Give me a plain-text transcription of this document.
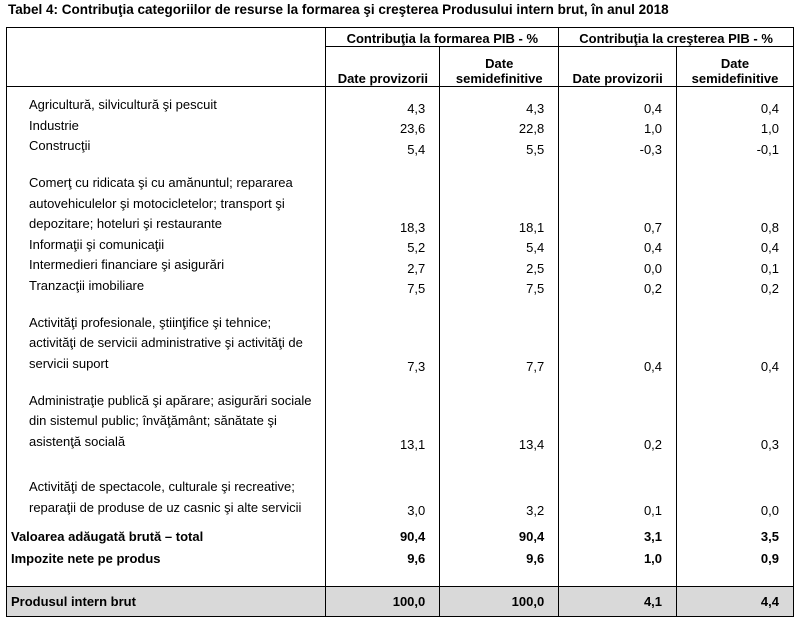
Tabel 4: Contribuţia categoriilor de resurse la formarea şi creşterea Produsului intern brut, în anul 2018
	Contribuţia la formarea PIB - %		Contribuţia la creşterea PIB - %	
	Date provizorii	Date semidefinitive	Date provizorii	Date semidefinitive
Agricultură, silvicultură şi pescuit	4,3	4,3	0,4	0,4
Industrie	23,6	22,8	1,0	1,0
Construcţii	5,4	5,5	-0,3	-0,1
Comerţ cu ridicata şi cu amănuntul; repararea autovehiculelor şi motocicletelor; transport şi depozitare; hoteluri şi restaurante	18,3	18,1	0,7	0,8
Informaţii şi comunicaţii	5,2	5,4	0,4	0,4
Intermedieri financiare şi asigurări	2,7	2,5	0,0	0,1
Tranzacţii imobiliare	7,5	7,5	0,2	0,2
Activităţi profesionale, ştiinţifice şi tehnice; activităţi de servicii administrative şi activităţi de servicii suport	7,3	7,7	0,4	0,4
Administraţie publică şi apărare; asigurări sociale din sistemul public; învăţământ; sănătate şi asistenţă socială	13,1	13,4	0,2	0,3
Activităţi de spectacole, culturale şi recreative; reparaţii de produse de uz casnic şi alte servicii	3,0	3,2	0,1	0,0
Valoarea adăugată brută – total	90,4	90,4	3,1	3,5
Impozite nete pe produs	9,6	9,6	1,0	0,9

Produsul intern brut	100,0	100,0	4,1	4,4
